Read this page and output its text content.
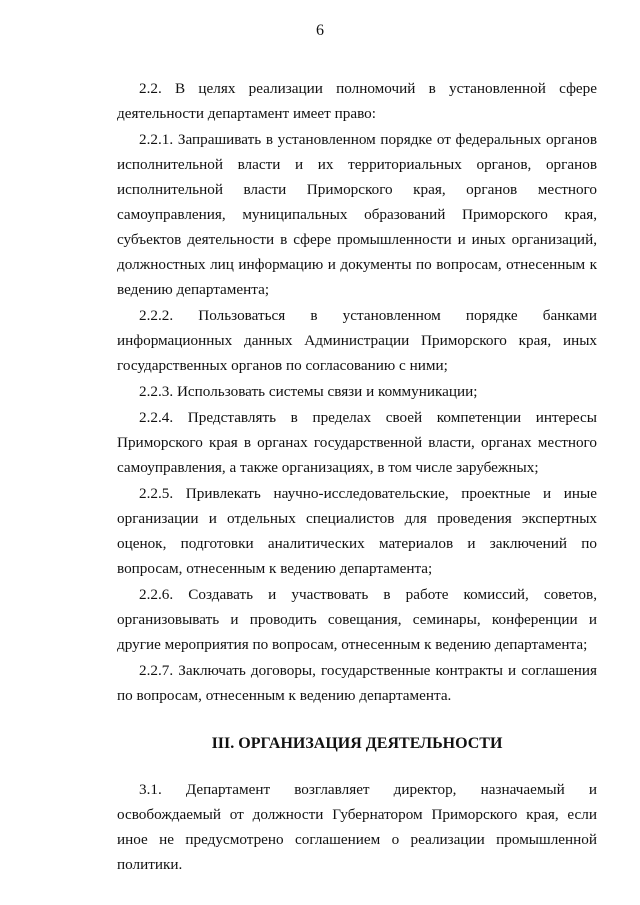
6

2.2. В целях реализации полномочий в установленной сфере деятельности департамент имеет право:

2.2.1. Запрашивать в установленном порядке от федеральных органов исполнительной власти и их территориальных органов, органов исполнительной власти Приморского края, органов местного самоуправления, муниципальных образований Приморского края, субъектов деятельности в сфере промышленности и иных организаций, должностных лиц информацию и документы по вопросам, отнесенным к ведению департамента;

2.2.2. Пользоваться в установленном порядке банками информационных данных Администрации Приморского края, иных государственных органов по согласованию с ними;

2.2.3. Использовать системы связи и коммуникации;

2.2.4. Представлять в пределах своей компетенции интересы Приморского края в органах государственной власти, органах местного самоуправления, а также организациях, в том числе зарубежных;

2.2.5. Привлекать научно-исследовательские, проектные и иные организации и отдельных специалистов для проведения экспертных оценок, подготовки аналитических материалов и заключений по вопросам, отнесенным к ведению департамента;

2.2.6. Создавать и участвовать в работе комиссий, советов, организовывать и проводить совещания, семинары, конференции и другие мероприятия по вопросам, отнесенным к ведению департамента;

2.2.7. Заключать договоры, государственные контракты и соглашения по вопросам, отнесенным к ведению департамента.

III. ОРГАНИЗАЦИЯ ДЕЯТЕЛЬНОСТИ

3.1. Департамент возглавляет директор, назначаемый и освобождаемый от должности Губернатором Приморского края, если иное не предусмотрено соглашением о реализации промышленной политики.
